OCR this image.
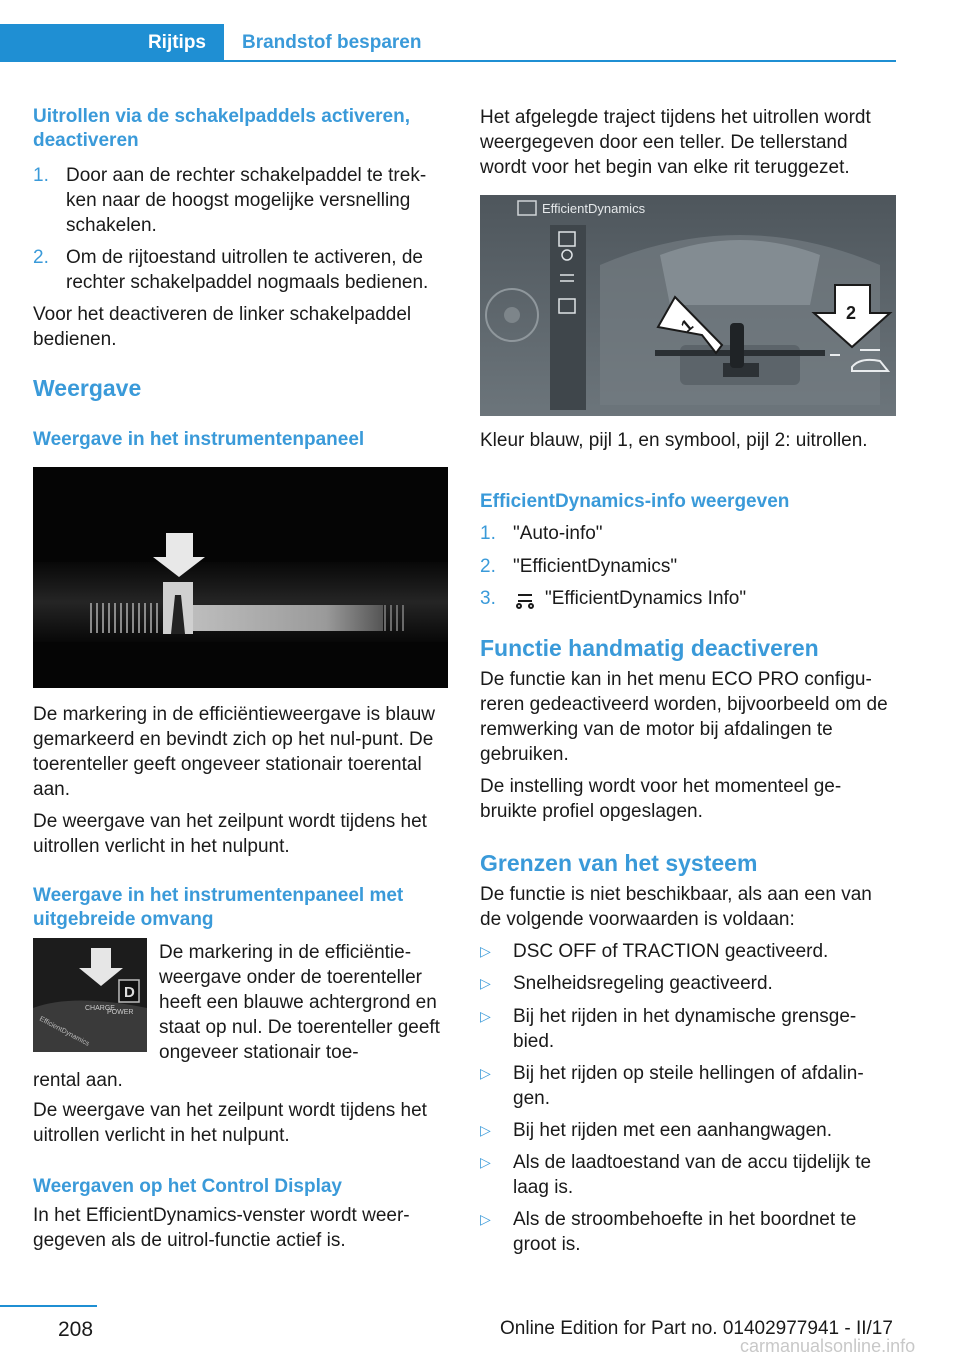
Rijtips	Brandstof besparen
Uitrollen via de schakelpaddels activeren, deactiveren
1. Door aan de rechter schakelpaddel te trek-ken naar de hoogst mogelijke versnelling schakelen.
2. Om de rijtoestand uitrollen te activeren, de rechter schakelpaddel nogmaals bedienen.
Voor het deactiveren de linker schakelpaddel bedienen.
Weergave
Weergave in het instrumentenpaneel
De markering in de efficiëntieweergave is blauw gemarkeerd en bevindt zich op het nul-punt. De toerenteller geeft ongeveer stationair toerental aan.
De weergave van het zeilpunt wordt tijdens het uitrollen verlicht in het nulpunt.
Weergave in het instrumentenpaneel met uitgebreide omvang
D
CHARGE
POWER
EfficientDynamics
De markering in de efficiëntie-weergave onder de toerenteller heeft een blauwe achtergrond en staat op nul. De toerenteller geeft ongeveer stationair toe-
rental aan.
De weergave van het zeilpunt wordt tijdens het uitrollen verlicht in het nulpunt.
Weergaven op het Control Display
In het EfficientDynamics-venster wordt weer-gegeven als de uitrol-functie actief is.
Het afgelegde traject tijdens het uitrollen wordt weergegeven door een teller. De tellerstand wordt voor het begin van elke rit teruggezet.
EfficientDynamics
1
2
Kleur blauw, pijl 1, en symbool, pijl 2: uitrollen.
EfficientDynamics-info weergeven
1. "Auto-info"
2. "EfficientDynamics"
3.	"EfficientDynamics Info"
Functie handmatig deactiveren
De functie kan in het menu ECO PRO configu-reren gedeactiveerd worden, bijvoorbeeld om de remwerking van de motor bij afdalingen te gebruiken.
De instelling wordt voor het momenteel ge-bruikte profiel opgeslagen.
Grenzen van het systeem
De functie is niet beschikbaar, als aan een van de volgende voorwaarden is voldaan:
▷	DSC OFF of TRACTION geactiveerd.
▷	Snelheidsregeling geactiveerd.
▷	Bij het rijden in het dynamische grensge-bied.
▷	Bij het rijden op steile hellingen of afdalin-gen.
▷	Bij het rijden met een aanhangwagen.
▷	Als de laadtoestand van de accu tijdelijk te laag is.
▷	Als de stroombehoefte in het boordnet te groot is.
208	Online Edition for Part no. 01402977941 - II/17
carmanualsonline.info
